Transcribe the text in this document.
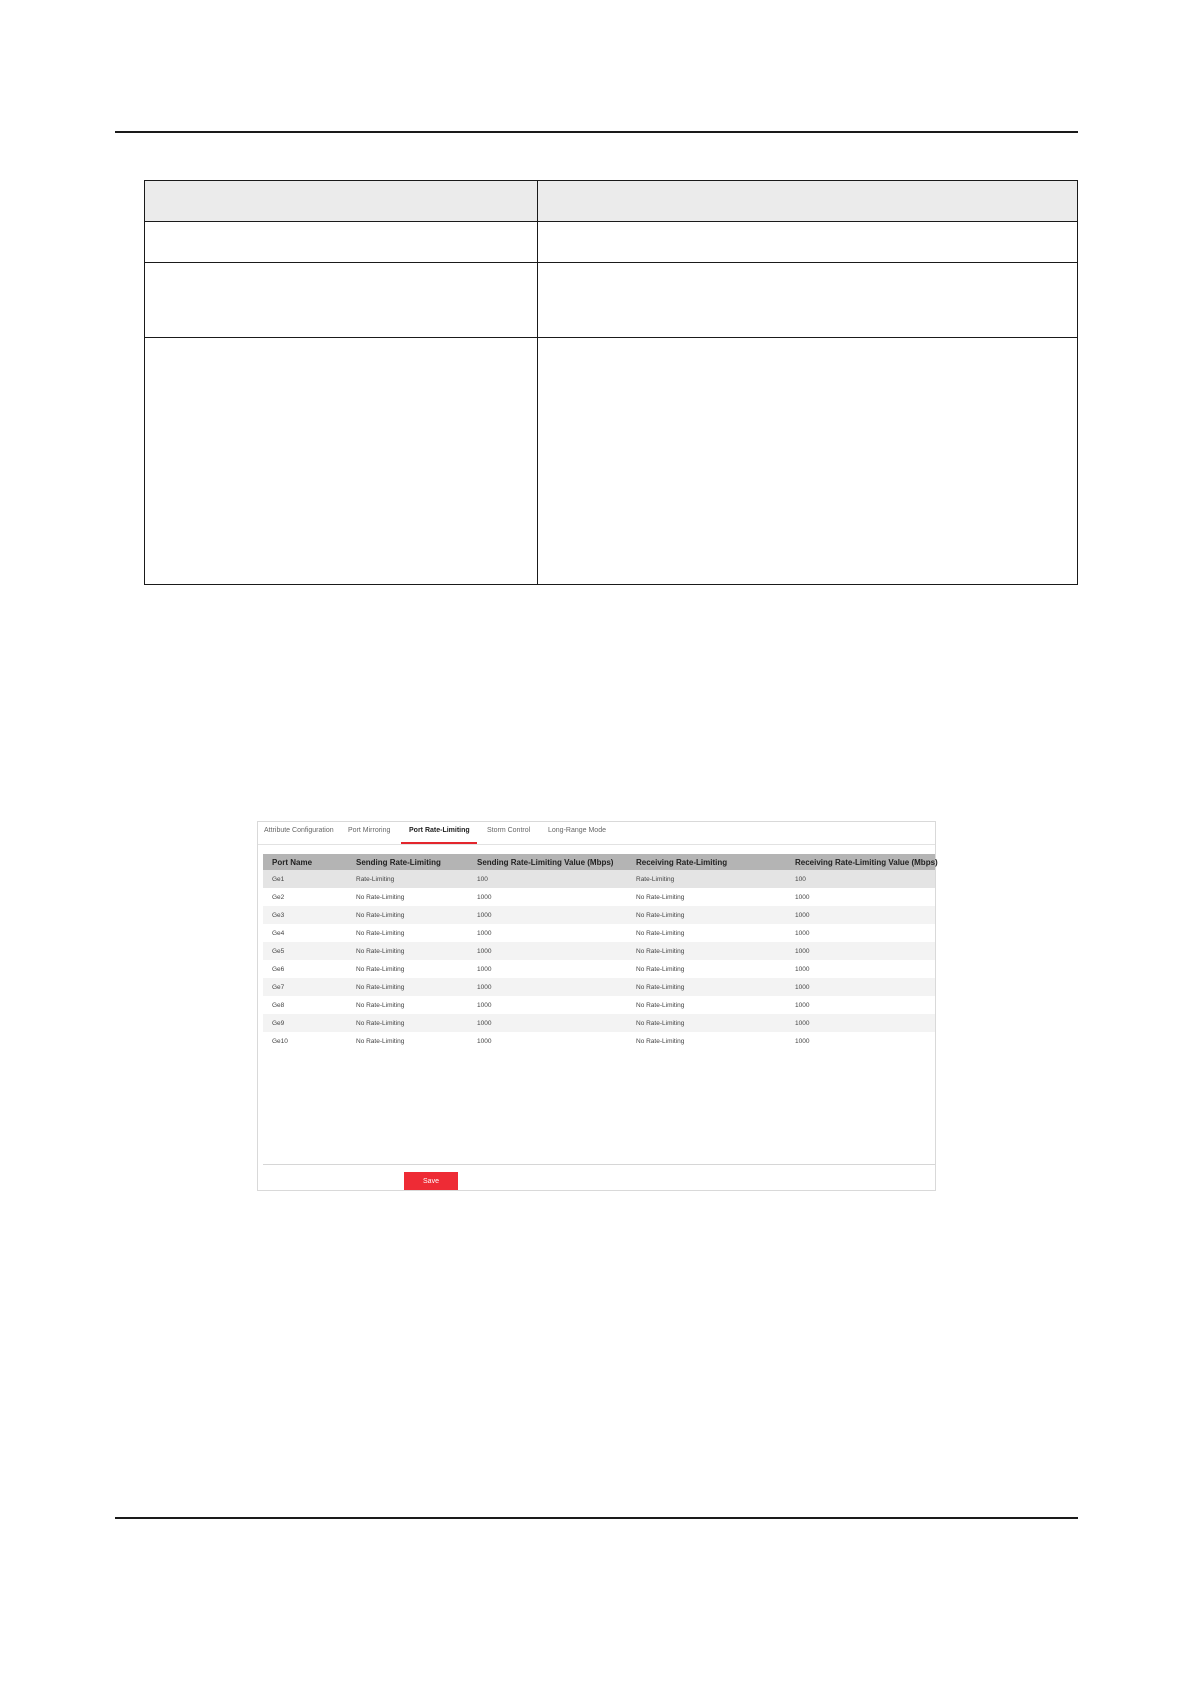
Attribute Configuration Port Mirroring	Port Rate-Limiting Storm Control	Long-Range Mode
Port Name	Sending Rate-Limiting	Sending Rate-Limiting Value (Mbps)	Receiving Rate-Limiting	Receiving Rate-Limiting Value (Mbps)
Ge1	Rate-Limiting	100	Rate-Limiting	100
Ge2	No Rate-Limiting	1000	No Rate-Limiting	1000
Ge3	No Rate-Limiting	1000	No Rate-Limiting	1000
Ge4	No Rate-Limiting	1000	No Rate-Limiting	1000
Ge5	No Rate-Limiting	1000	No Rate-Limiting	1000
Ge6	No Rate-Limiting	1000	No Rate-Limiting	1000
Ge7	No Rate-Limiting	1000	No Rate-Limiting	1000
Ge8	No Rate-Limiting	1000	No Rate-Limiting	1000
Ge9	No Rate-Limiting	1000	No Rate-Limiting	1000
Ge10	No Rate-Limiting	1000	No Rate-Limiting	1000
Save
